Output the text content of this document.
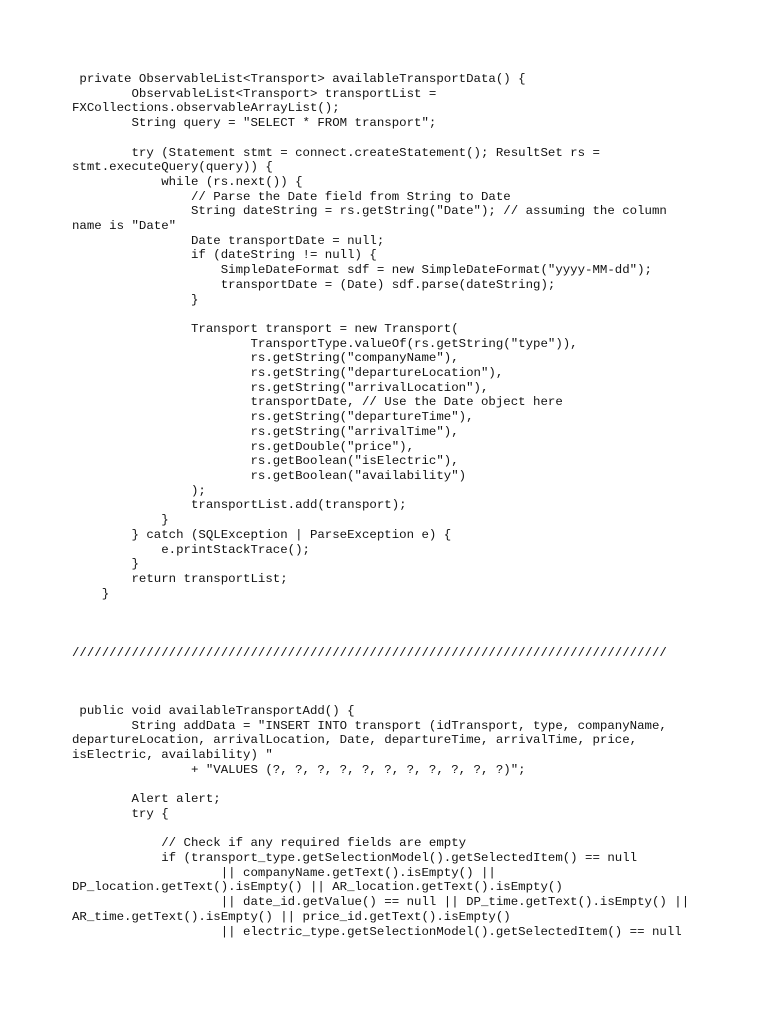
private ObservableList<Transport> availableTransportData() {
ObservableList<Transport> transportList =
FXCollections.observableArrayList();
String query = "SELECT * FROM transport";

try (Statement stmt = connect.createStatement(); ResultSet rs =
stmt.executeQuery(query)) {
while (rs.next()) {
// Parse the Date field from String to Date
String dateString = rs.getString("Date"); // assuming the column
name is "Date"
Date transportDate = null;
if (dateString != null) {
SimpleDateFormat sdf = new SimpleDateFormat("yyyy-MM-dd");
transportDate = (Date) sdf.parse(dateString);
}

Transport transport = new Transport(
TransportType.valueOf(rs.getString("type")),
rs.getString("companyName"),
rs.getString("departureLocation"),
rs.getString("arrivalLocation"),
transportDate, // Use the Date object here
rs.getString("departureTime"),
rs.getString("arrivalTime"),
rs.getDouble("price"),
rs.getBoolean("isElectric"),
rs.getBoolean("availability")
);
transportList.add(transport);
}
} catch (SQLException | ParseException e) {
e.printStackTrace();
}
return transportList;
}
////////////////////////////////////////////////////////////////////////////////
public void availableTransportAdd() {
String addData = "INSERT INTO transport (idTransport, type, companyName,
departureLocation, arrivalLocation, Date, departureTime, arrivalTime, price,
isElectric, availability) "
+ "VALUES (?, ?, ?, ?, ?, ?, ?, ?, ?, ?, ?)";

Alert alert;
try {

// Check if any required fields are empty
if (transport_type.getSelectionModel().getSelectedItem() == null
|| companyName.getText().isEmpty() ||
DP_location.getText().isEmpty() || AR_location.getText().isEmpty()
|| date_id.getValue() == null || DP_time.getText().isEmpty() ||
AR_time.getText().isEmpty() || price_id.getText().isEmpty()
|| electric_type.getSelectionModel().getSelectedItem() == null
